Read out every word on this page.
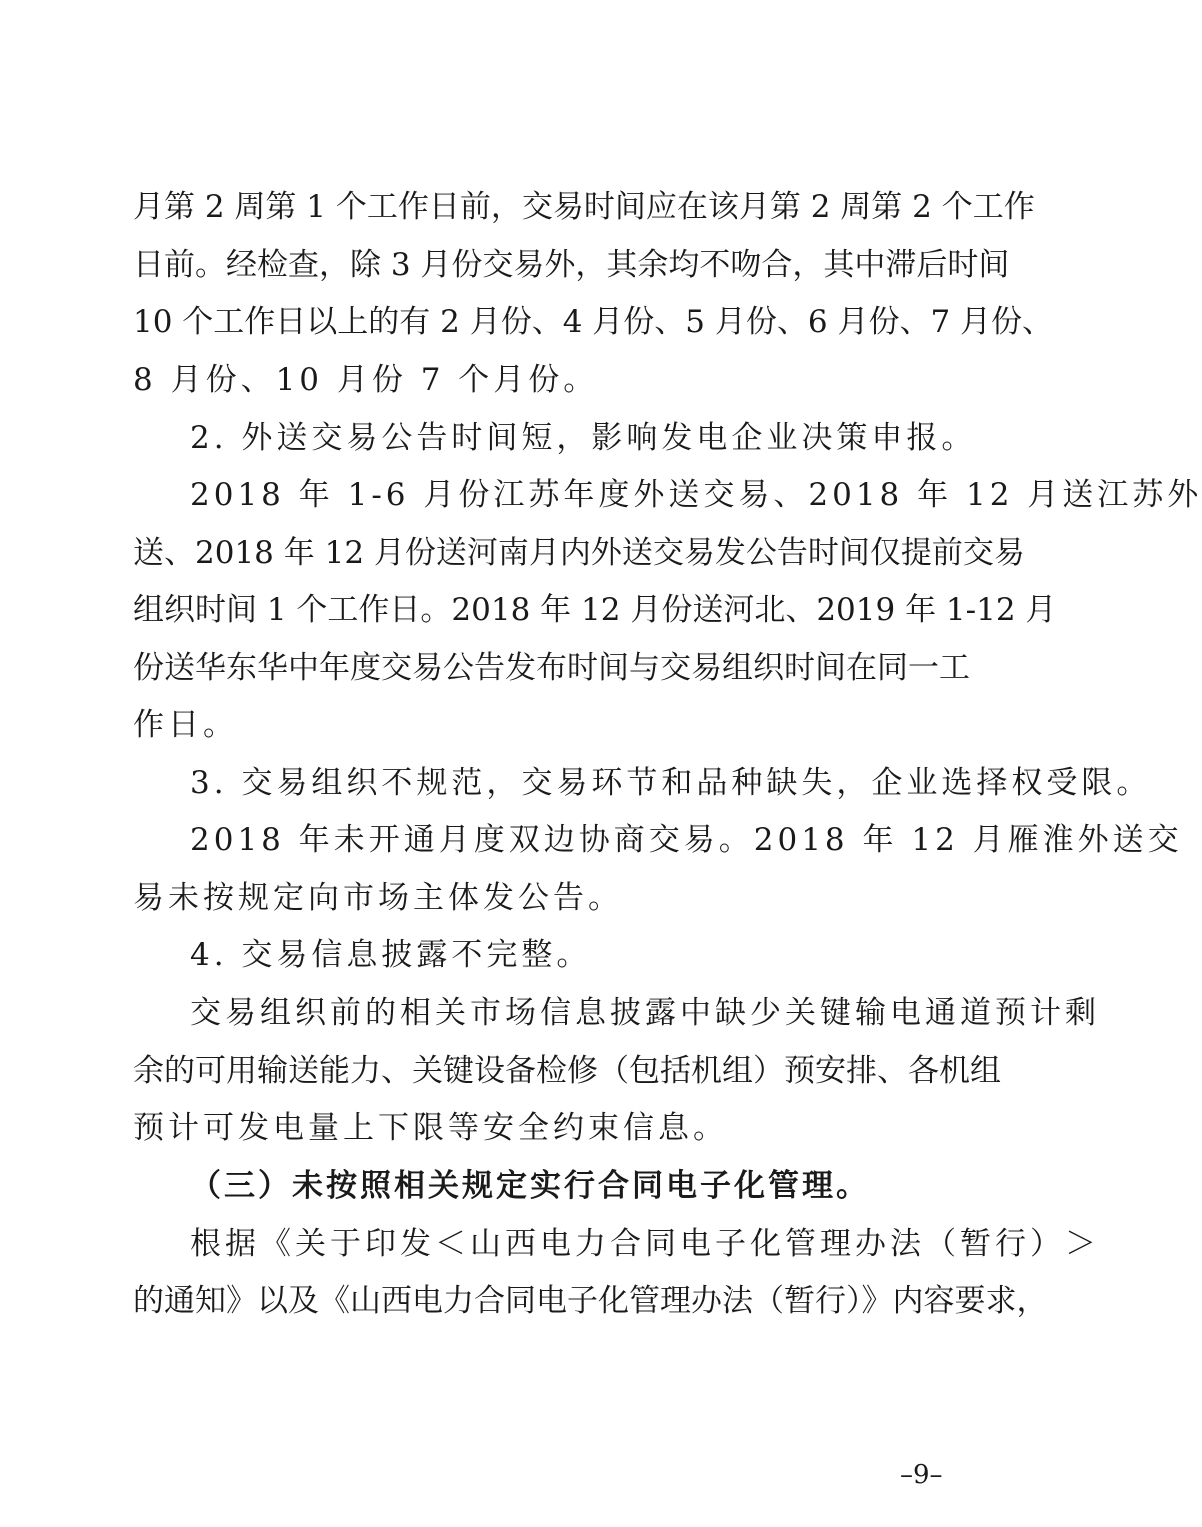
月第 2 周第 1 个工作日前，交易时间应在该月第 2 周第 2 个工作
日前。经检查，除 3 月份交易外，其余均不吻合，其中滞后时间
10 个工作日以上的有 2 月份、4 月份、5 月份、6 月份、7 月份、
8 月份、10 月份 7 个月份。
2. 外送交易公告时间短，影响发电企业决策申报。
2018 年 1-6 月份江苏年度外送交易、2018 年 12 月送江苏外
送、2018 年 12 月份送河南月内外送交易发公告时间仅提前交易
组织时间 1 个工作日。2018 年 12 月份送河北、2019 年 1-12 月
份送华东华中年度交易公告发布时间与交易组织时间在同一工
作日。
3. 交易组织不规范，交易环节和品种缺失，企业选择权受限。
2018 年未开通月度双边协商交易。2018 年 12 月雁淮外送交
易未按规定向市场主体发公告。
4. 交易信息披露不完整。
交易组织前的相关市场信息披露中缺少关键输电通道预计剩
余的可用输送能力、关键设备检修（包括机组）预安排、各机组
预计可发电量上下限等安全约束信息。
（三）未按照相关规定实行合同电子化管理。
根据《关于印发＜山西电力合同电子化管理办法（暂行）＞
的通知》以及《山西电力合同电子化管理办法（暂行）》内容要求，
–9–
